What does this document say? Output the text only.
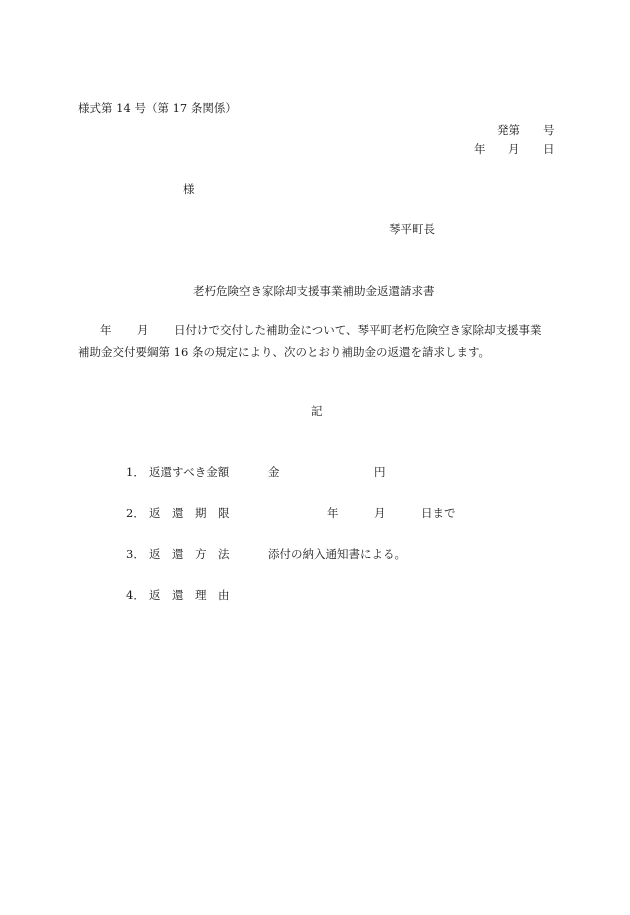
様式第 14 号（第 17 条関係）
発第 号
年 月 日
様
琴平町長
老朽危険空き家除却支援事業補助金返還請求書
年 月 日付けで交付した補助金について、琴平町老朽危険空き家除却支援事業
補助金交付要綱第 16 条の規定により、次のとおり補助金の返還を請求します。
記
1． 返還すべき金額	金	円
2． 返　還　期　限	年	月	日まで
3． 返　還　方　法	添付の納入通知書による。
4． 返　還　理　由
